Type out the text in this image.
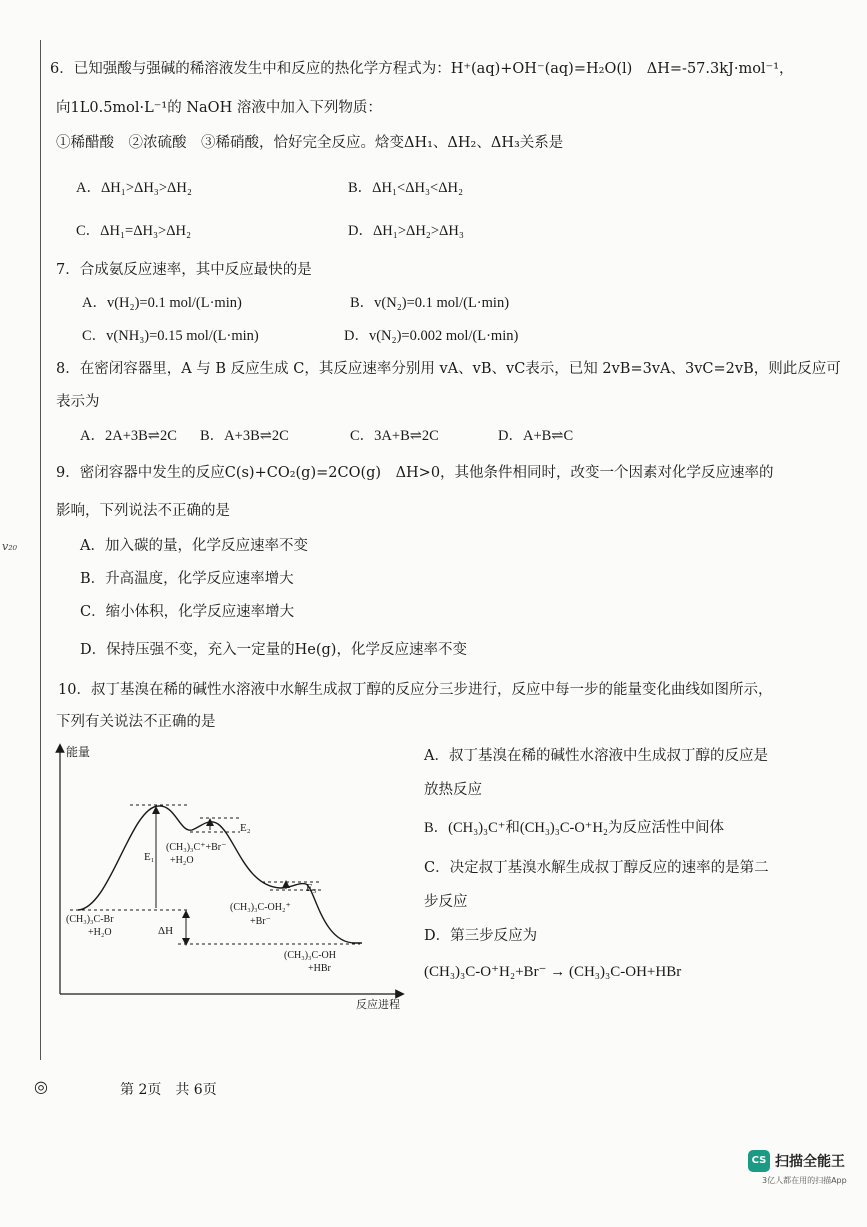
v₂₀
6．已知强酸与强碱的稀溶液发生中和反应的热化学方程式为：H⁺(aq)+OH⁻(aq)=H₂O(l)　ΔH=-57.3kJ·mol⁻¹，
向1L0.5mol·L⁻¹的 NaOH 溶液中加入下列物质：
①稀醋酸　②浓硫酸　③稀硝酸，恰好完全反应。焓变ΔH₁、ΔH₂、ΔH₃关系是
A．ΔH₁>ΔH₃>ΔH₂	B．ΔH₁<ΔH₃<ΔH₂
C．ΔH₁=ΔH₃>ΔH₂	D．ΔH₁>ΔH₂>ΔH₃
7．合成氨反应速率，其中反应最快的是
A．v(H₂)=0.1 mol/(L·min)	B．v(N₂)=0.1 mol/(L·min)
C．v(NH₃)=0.15 mol/(L·min)	D．v(N₂)=0.002 mol/(L·min)
8．在密闭容器里，A 与 B 反应生成 C，其反应速率分别用 vA、vB、vC表示，已知 2vB=3vA、3vC=2vB，则此反应可
表示为
A．2A+3B⇌2C B．A+3B⇌2C	C．3A+B⇌2C	D．A+B⇌C
9．密闭容器中发生的反应C(s)+CO₂(g)=2CO(g)　ΔH>0，其他条件相同时，改变一个因素对化学反应速率的
影响，下列说法不正确的是
A．加入碳的量，化学反应速率不变
B．升高温度，化学反应速率增大
C．缩小体积，化学反应速率增大
D．保持压强不变，充入一定量的He(g)，化学反应速率不变
10．叔丁基溴在稀的碱性水溶液中水解生成叔丁醇的反应分三步进行，反应中每一步的能量变化曲线如图所示，
下列有关说法不正确的是
A．叔丁基溴在稀的碱性水溶液中生成叔丁醇的反应是
放热反应
B．(CH₃)₃C⁺和(CH₃)₃C-O⁺H₂为反应活性中间体
C．决定叔丁基溴水解生成叔丁醇反应的速率的是第二
步反应
D．第三步反应为
(CH₃)₃C-O⁺H₂+Br⁻ → (CH₃)₃C-OH+HBr
能量
反应进程
E₁
E₂
E₃
ΔH
(CH₃)₃C-Br
+H₂O
(CH₃)₃C⁺+Br⁻
+H₂O
(CH₃)₃C-OH₂⁺
+Br⁻
(CH₃)₃C-OH
+HBr
◎	第 2页　共 6页
CS 扫描全能王
3亿人都在用的扫描App
